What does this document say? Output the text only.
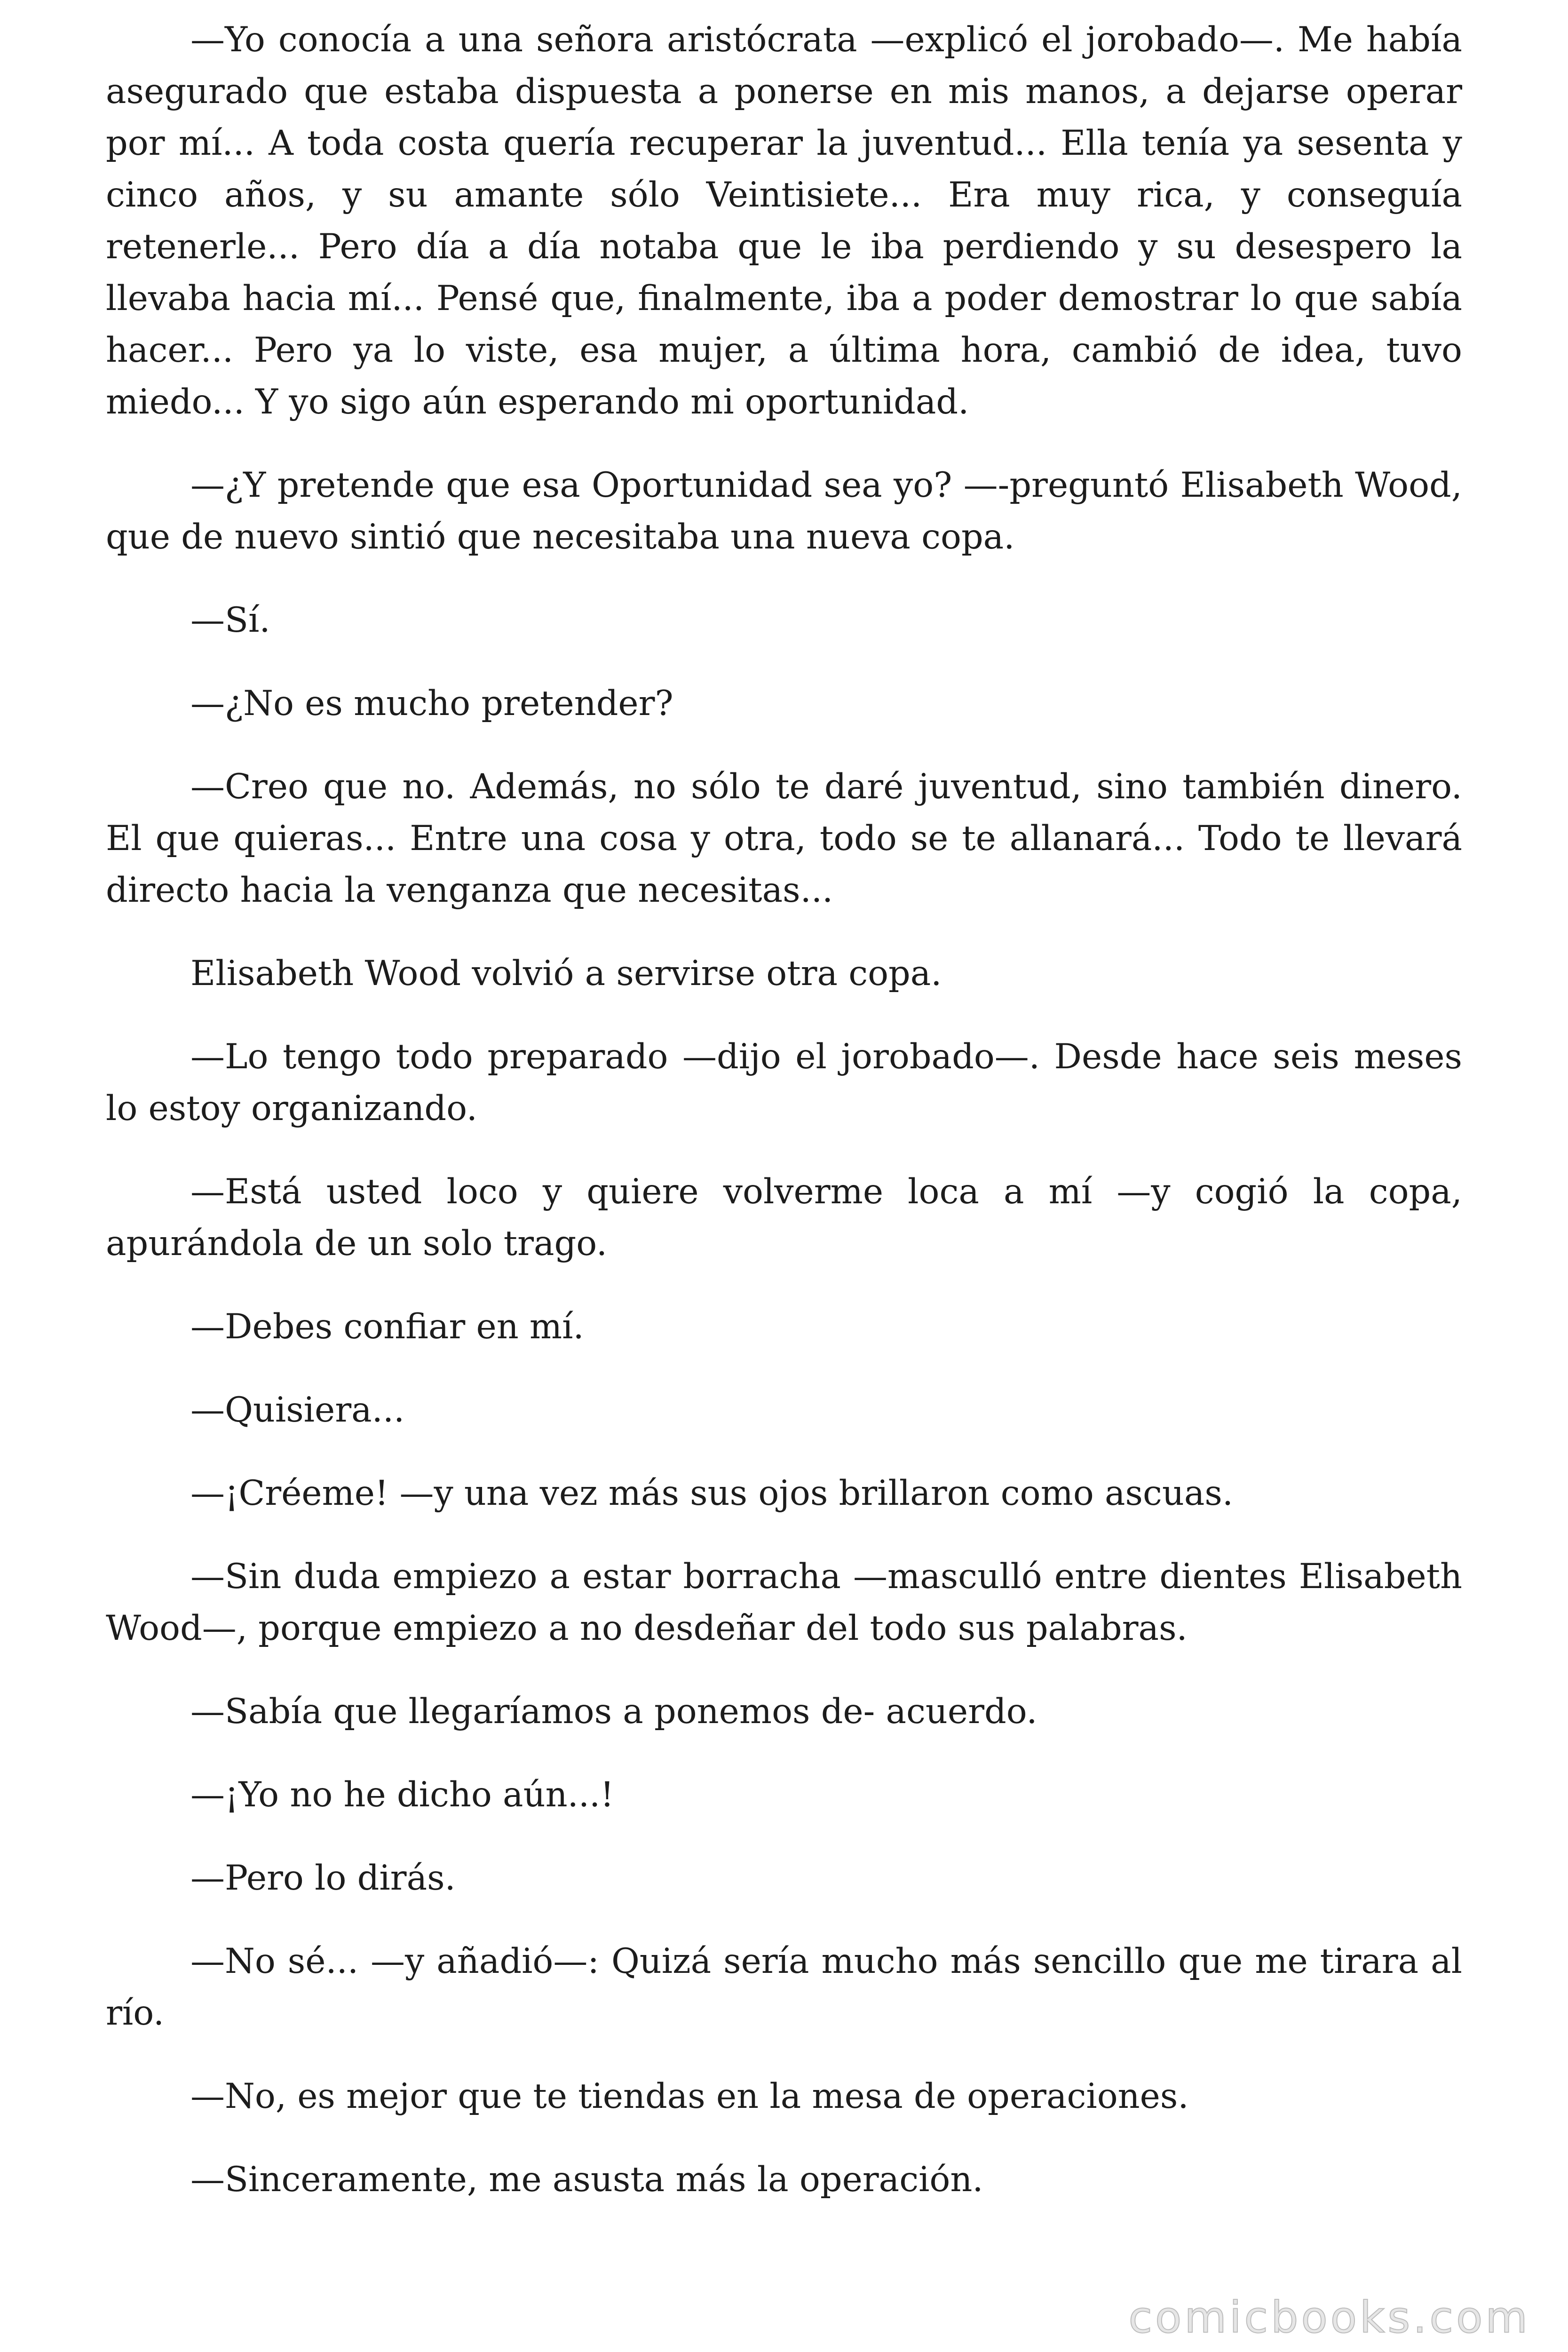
—Yo conocía a una señora aristócrata —explicó el jorobado—. Me había asegurado que estaba dispuesta a ponerse en mis manos, a dejarse operar por mí... A toda costa quería recuperar la juventud... Ella tenía ya sesenta y cinco años, y su amante sólo Veintisiete... Era muy rica, y conseguía retenerle... Pero día a día notaba que le iba perdiendo y su desespero la llevaba hacia mí... Pensé que, finalmente, iba a poder demostrar lo que sabía hacer... Pero ya lo viste, esa mujer, a última hora, cambió de idea, tuvo miedo... Y yo sigo aún esperando mi oportunidad.

—¿Y pretende que esa Oportunidad sea yo? —-preguntó Elisabeth Wood, que de nuevo sintió que necesitaba una nueva copa.

—Sí.

—¿No es mucho pretender?

—Creo que no. Además, no sólo te daré juventud, sino también dinero. El que quieras... Entre una cosa y otra, todo se te allanará... Todo te llevará directo hacia la venganza que necesitas...

Elisabeth Wood volvió a servirse otra copa.

—Lo tengo todo preparado —dijo el jorobado—. Desde hace seis meses lo estoy organizando.

—Está usted loco y quiere volverme loca a mí —y cogió la copa, apurándola de un solo trago.

—Debes confiar en mí.

—Quisiera...

—¡Créeme! —y una vez más sus ojos brillaron como ascuas.

—Sin duda empiezo a estar borracha —masculló entre dientes Elisabeth Wood—, porque empiezo a no desdeñar del todo sus palabras.

—Sabía que llegaríamos a ponemos de- acuerdo.

—¡Yo no he dicho aún...!

—Pero lo dirás.

—No sé... —y añadió—: Quizá sería mucho más sencillo que me tirara al río.

—No, es mejor que te tiendas en la mesa de operaciones.

—Sinceramente, me asusta más la operación.

comicbooks.com
